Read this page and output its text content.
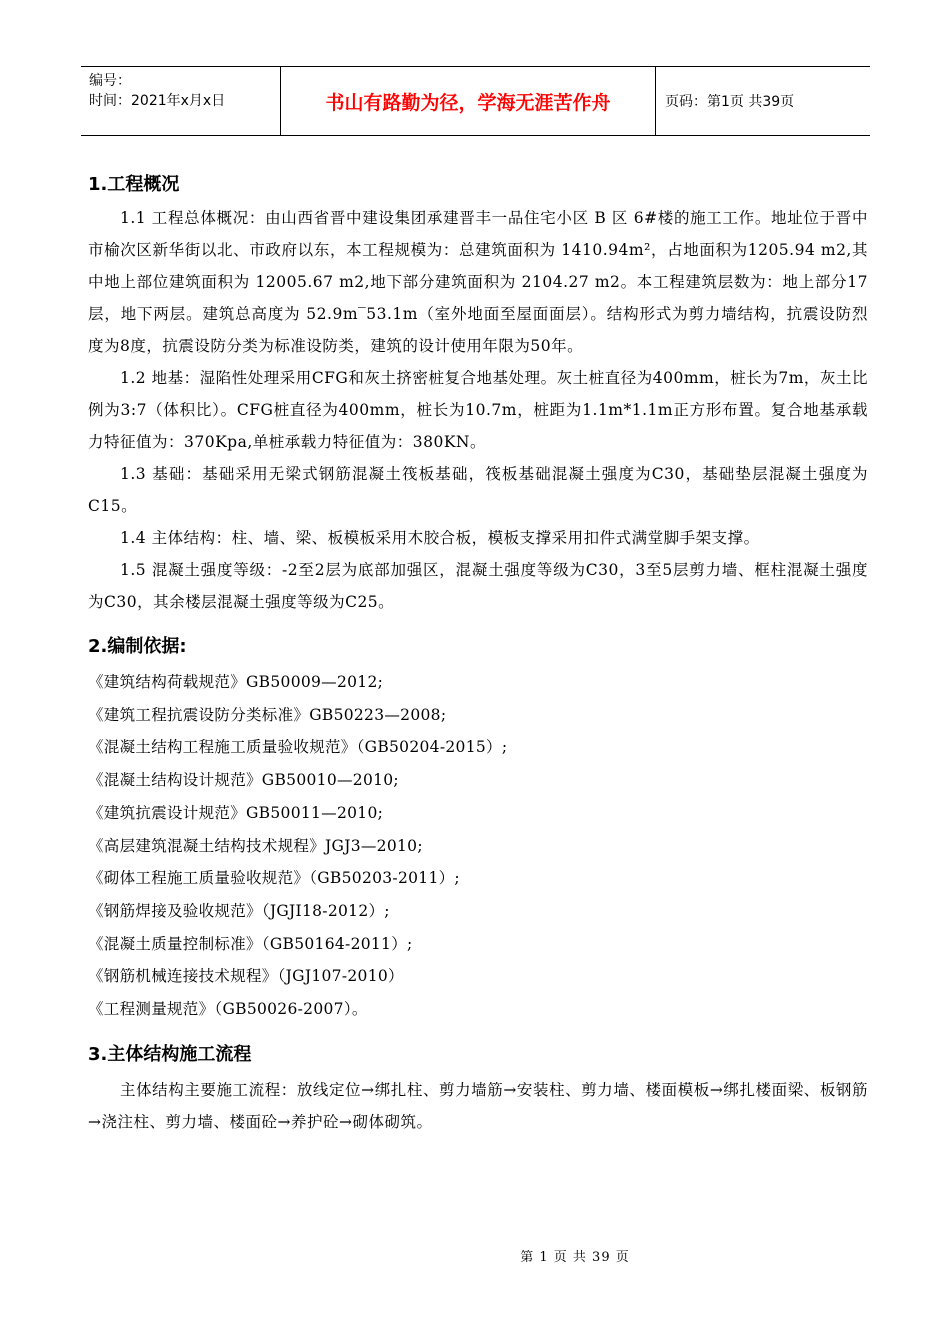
编号：
时间：2021年x月x日	书山有路勤为径，学海无涯苦作舟	页码：第1页 共39页
1.工程概况

1.1 工程总体概况：由山西省晋中建设集团承建晋丰一品住宅小区 B 区 6#楼的施工工作。地址位于晋中市榆次区新华街以北、市政府以东，本工程规模为：总建筑面积为 1410.94m²，占地面积为1205.94 m2,其中地上部位建筑面积为 12005.67 m2,地下部分建筑面积为 2104.27 m2。本工程建筑层数为：地上部分17层，地下两层。建筑总高度为 52.9m‾53.1m（室外地面至屋面面层）。结构形式为剪力墙结构，抗震设防烈度为8度，抗震设防分类为标准设防类，建筑的设计使用年限为50年。

1.2 地基：湿陷性处理采用CFG和灰土挤密桩复合地基处理。灰土桩直径为400mm，桩长为7m，灰土比例为3:7（体积比）。CFG桩直径为400mm，桩长为10.7m，桩距为1.1m*1.1m正方形布置。复合地基承载力特征值为：370Kpa,单桩承载力特征值为：380KN。

1.3 基础：基础采用无梁式钢筋混凝土筏板基础，筏板基础混凝土强度为C30，基础垫层混凝土强度为C15。

1.4 主体结构：柱、墙、梁、板模板采用木胶合板，模板支撑采用扣件式满堂脚手架支撑。

1.5 混凝土强度等级：-2至2层为底部加强区，混凝土强度等级为C30，3至5层剪力墙、框柱混凝土强度为C30，其余楼层混凝土强度等级为C25。

2.编制依据:

《建筑结构荷载规范》GB50009—2012;

《建筑工程抗震设防分类标准》GB50223—2008;

《混凝土结构工程施工质量验收规范》（GB50204-2015）;

《混凝土结构设计规范》GB50010—2010;

《建筑抗震设计规范》GB50011—2010;

《高层建筑混凝土结构技术规程》JGJ3—2010;

《砌体工程施工质量验收规范》（GB50203-2011）;

《钢筋焊接及验收规范》（JGJI18-2012）;

《混凝土质量控制标准》（GB50164-2011）;

《钢筋机械连接技术规程》（JGJ107-2010）

《工程测量规范》（GB50026-2007）。

3.主体结构施工流程

主体结构主要施工流程：放线定位→绑扎柱、剪力墙筋→安装柱、剪力墙、楼面模板→绑扎楼面梁、板钢筋→浇注柱、剪力墙、楼面砼→养护砼→砌体砌筑。

第 1 页 共 39 页
